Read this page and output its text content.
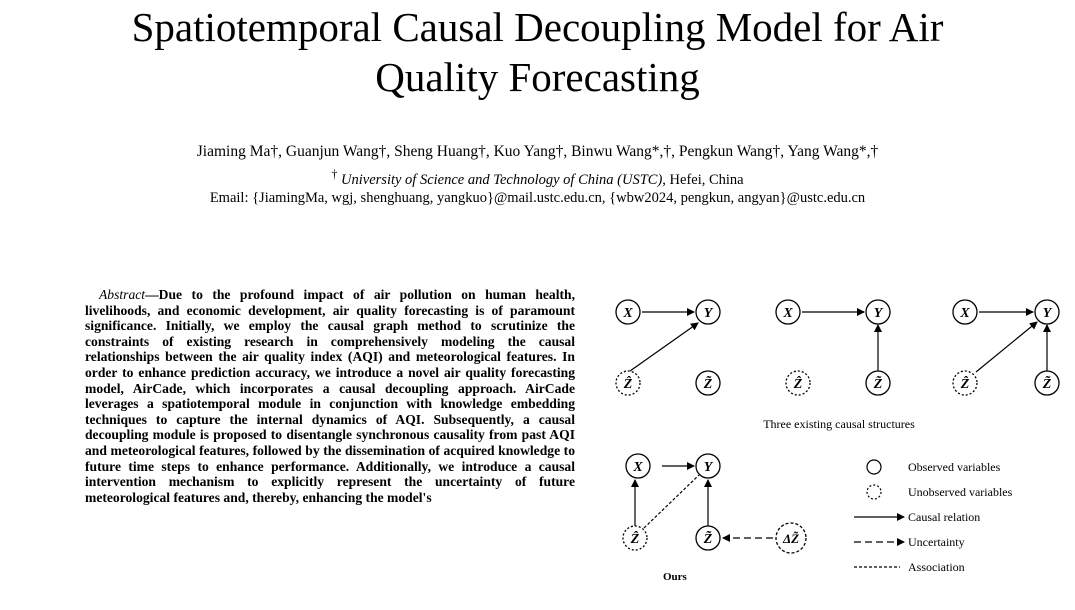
Spatiotemporal Causal Decoupling Model for Air
Quality Forecasting
Jiaming Ma†, Guanjun Wang†, Sheng Huang†, Kuo Yang†, Binwu Wang*,†, Pengkun Wang†, Yang Wang*,†
† University of Science and Technology of China (USTC), Hefei, China
Email: {JiamingMa, wgj, shenghuang, yangkuo}@mail.ustc.edu.cn, {wbw2024, pengkun, angyan}@ustc.edu.cn
Abstract—Due to the profound impact of air pollution on human health, livelihoods, and economic development, air quality forecasting is of paramount significance. Initially, we employ the causal graph method to scrutinize the constraints of existing research in comprehensively modeling the causal relationships between the air quality index (AQI) and meteorological features. In order to enhance prediction accuracy, we introduce a novel air quality forecasting model, AirCade, which incorporates a causal decoupling approach. AirCade leverages a spatiotemporal module in conjunction with knowledge embedding techniques to capture the internal dynamics of AQI. Subsequently, a causal decoupling module is proposed to disentangle synchronous causality from past AQI and meteorological features, followed by the dissemination of acquired knowledge to future time steps to enhance performance. Additionally, we introduce a causal intervention mechanism to explicitly represent the uncertainty of future meteorological features and, thereby, enhancing the model's
X	Y
Ẑ	Z̃
X	Y
Ẑ	Z̃
X	Y
Ẑ	Z̃
Three existing causal structures
X	Y
Ẑ	Z̃	ΔZ̃
Ours
Observed variables
Unobserved variables
Causal relation
Uncertainty
Association
